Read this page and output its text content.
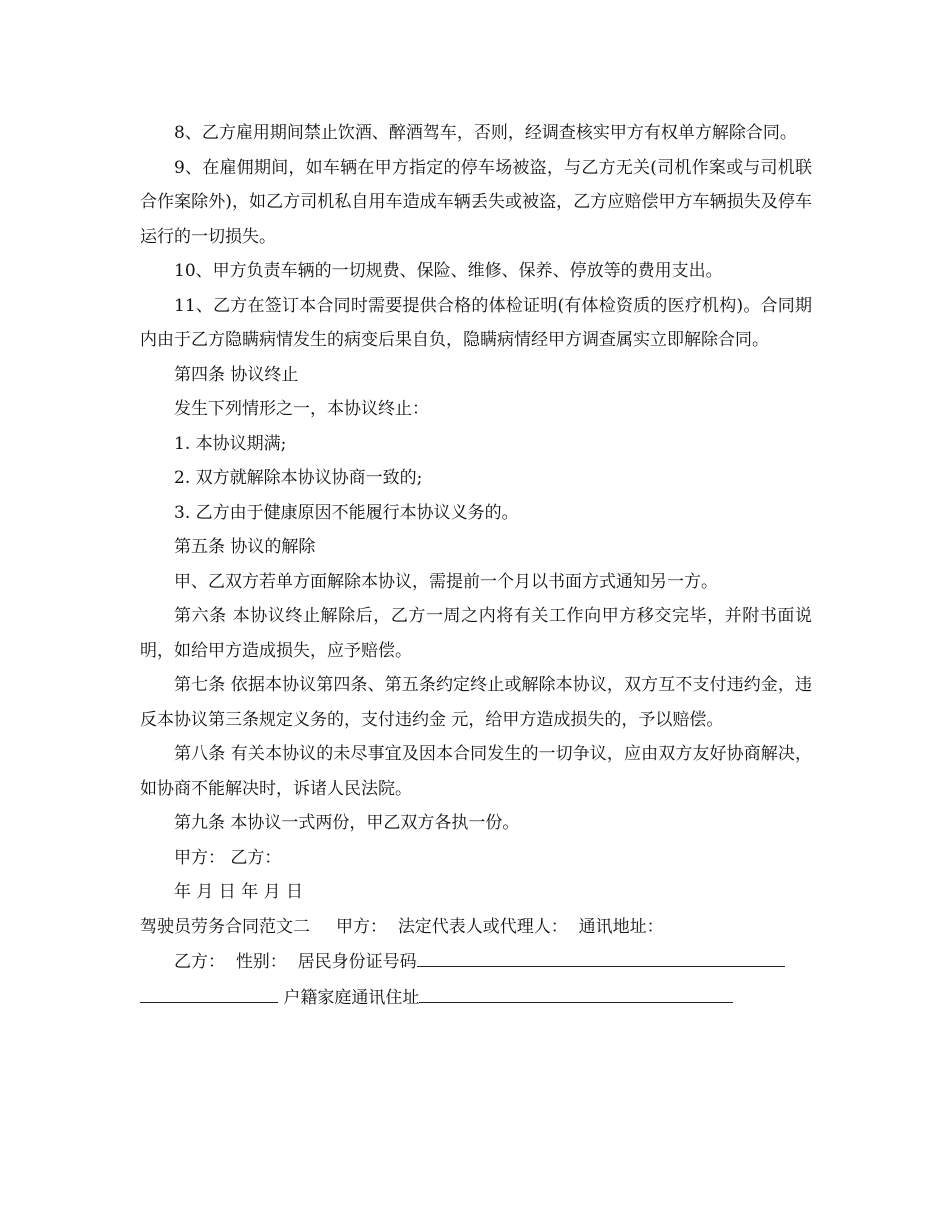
8、乙方雇用期间禁止饮酒、醉酒驾车，否则，经调查核实甲方有权单方解除合同。

9、在雇佣期间，如车辆在甲方指定的停车场被盗，与乙方无关(司机作案或与司机联合作案除外)，如乙方司机私自用车造成车辆丢失或被盗，乙方应赔偿甲方车辆损失及停车运行的一切损失。

10、甲方负责车辆的一切规费、保险、维修、保养、停放等的费用支出。

11、乙方在签订本合同时需要提供合格的体检证明(有体检资质的医疗机构)。合同期内由于乙方隐瞒病情发生的病变后果自负，隐瞒病情经甲方调查属实立即解除合同。

第四条 协议终止

发生下列情形之一，本协议终止：

1. 本协议期满;

2. 双方就解除本协议协商一致的;

3. 乙方由于健康原因不能履行本协议义务的。

第五条 协议的解除

甲、乙双方若单方面解除本协议，需提前一个月以书面方式通知另一方。

第六条 本协议终止解除后，乙方一周之内将有关工作向甲方移交完毕，并附书面说明，如给甲方造成损失，应予赔偿。

第七条 依据本协议第四条、第五条约定终止或解除本协议，双方互不支付违约金，违反本协议第三条规定义务的，支付违约金 元，给甲方造成损失的，予以赔偿。

第八条 有关本协议的未尽事宜及因本合同发生的一切争议，应由双方友好协商解决，如协商不能解决时，诉诸人民法院。

第九条 本协议一式两份，甲乙双方各执一份。

甲方： 乙方：

年 月 日 年 月 日

驾驶员劳务合同范文二 甲方： 法定代表人或代理人： 通讯地址：

乙方： 性别： 居民身份证号码

户籍家庭通讯住址
